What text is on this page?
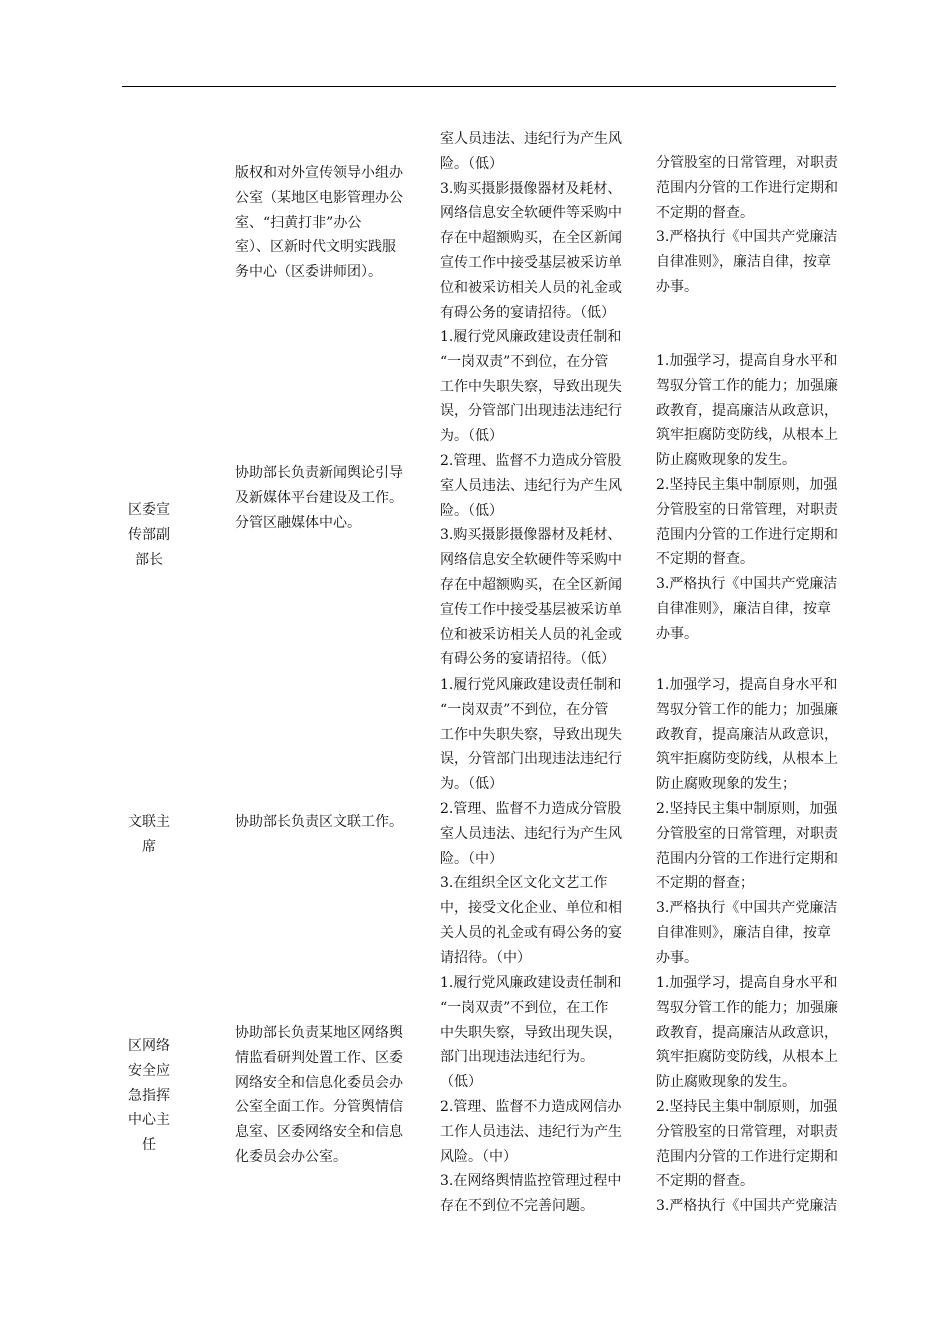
版权和对外宣传领导小组办
公室（某地区电影管理办公
室、“扫黄打非”办公
室）、区新时代文明实践服
务中心（区委讲师团）。
室人员违法、违纪行为产生风
险。（低）
3.购买摄影摄像器材及耗材、
网络信息安全软硬件等采购中
存在中超额购买，在全区新闻
宣传工作中接受基层被采访单
位和被采访相关人员的礼金或
有碍公务的宴请招待。（低）
分管股室的日常管理，对职责
范围内分管的工作进行定期和
不定期的督查。
3.严格执行《中国共产党廉洁
自律准则》，廉洁自律，按章
办事。
区委宣
传部副
部长
协助部长负责新闻舆论引导
及新媒体平台建设及工作。
分管区融媒体中心。
1.履行党风廉政建设责任制和
“一岗双责”不到位，在分管
工作中失职失察，导致出现失
误，分管部门出现违法违纪行
为。（低）
2.管理、监督不力造成分管股
室人员违法、违纪行为产生风
险。（低）
3.购买摄影摄像器材及耗材、
网络信息安全软硬件等采购中
存在中超额购买，在全区新闻
宣传工作中接受基层被采访单
位和被采访相关人员的礼金或
有碍公务的宴请招待。（低）
1.加强学习，提高自身水平和
驾驭分管工作的能力；加强廉
政教育，提高廉洁从政意识，
筑牢拒腐防变防线，从根本上
防止腐败现象的发生。
2.坚持民主集中制原则，加强
分管股室的日常管理，对职责
范围内分管的工作进行定期和
不定期的督查。
3.严格执行《中国共产党廉洁
自律准则》，廉洁自律，按章
办事。
文联主
席
协助部长负责区文联工作。
1.履行党风廉政建设责任制和
“一岗双责”不到位，在分管
工作中失职失察，导致出现失
误，分管部门出现违法违纪行
为。（低）
2.管理、监督不力造成分管股
室人员违法、违纪行为产生风
险。（中）
3.在组织全区文化文艺工作
中，接受文化企业、单位和相
关人员的礼金或有碍公务的宴
请招待。（中）
1.加强学习，提高自身水平和
驾驭分管工作的能力；加强廉
政教育，提高廉洁从政意识，
筑牢拒腐防变防线，从根本上
防止腐败现象的发生；
2.坚持民主集中制原则，加强
分管股室的日常管理，对职责
范围内分管的工作进行定期和
不定期的督查；
3.严格执行《中国共产党廉洁
自律准则》，廉洁自律，按章
办事。
区网络
安全应
急指挥
中心主
任
协助部长负责某地区网络舆
情监看研判处置工作、区委
网络安全和信息化委员会办
公室全面工作。分管舆情信
息室、区委网络安全和信息
化委员会办公室。
1.履行党风廉政建设责任制和
“一岗双责”不到位，在工作
中失职失察，导致出现失误，
部门出现违法违纪行为。
（低）
2.管理、监督不力造成网信办
工作人员违法、违纪行为产生
风险。（中）
3.在网络舆情监控管理过程中
存在不到位不完善问题。
1.加强学习，提高自身水平和
驾驭分管工作的能力；加强廉
政教育，提高廉洁从政意识，
筑牢拒腐防变防线，从根本上
防止腐败现象的发生。
2.坚持民主集中制原则，加强
分管股室的日常管理，对职责
范围内分管的工作进行定期和
不定期的督查。
3.严格执行《中国共产党廉洁
